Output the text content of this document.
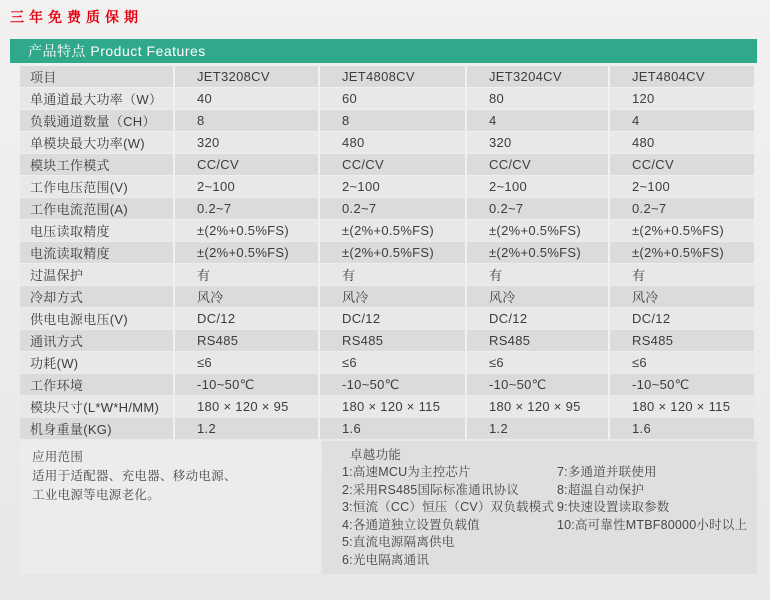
三年免费质保期
产品特点 Product Features
项目	JET3208CV	JET4808CV	JET3204CV	JET4804CV
单通道最大功率（W）	40	60	80	120
负载通道数量（CH）	8	8	4	4
单模块最大功率(W)	320	480	320	480
模块工作模式	CC/CV	CC/CV	CC/CV	CC/CV
工作电压范围(V)	2~100	2~100	2~100	2~100
工作电流范围(A)	0.2~7	0.2~7	0.2~7	0.2~7
电压读取精度	±(2%+0.5%FS)	±(2%+0.5%FS)	±(2%+0.5%FS)	±(2%+0.5%FS)
电流读取精度	±(2%+0.5%FS)	±(2%+0.5%FS)	±(2%+0.5%FS)	±(2%+0.5%FS)
过温保护	有	有	有	有
冷却方式	风冷	风冷	风冷	风冷
供电电源电压(V)	DC/12	DC/12	DC/12	DC/12
通讯方式	RS485	RS485	RS485	RS485
功耗(W)	≤6	≤6	≤6	≤6
工作环境	-10~50℃	-10~50℃	-10~50℃	-10~50℃
模块尺寸(L*W*H/MM)	180 × 120 × 95	180 × 120 × 115	180 × 120 × 95	180 × 120 × 115
机身重量(KG)	1.2	1.6	1.2	1.6
应用范围
适用于适配器、充电器、移动电源、
工业电源等电源老化。
卓越功能
1:高速MCU为主控芯片
2:采用RS485国际标准通讯协议
3:恒流（CC）恒压（CV）双负载模式
4:各通道独立设置负载值
5:直流电源隔离供电
6:光电隔离通讯
7:多通道并联使用
8:超温自动保护
9:快速设置读取参数
10:高可靠性MTBF80000小时以上
